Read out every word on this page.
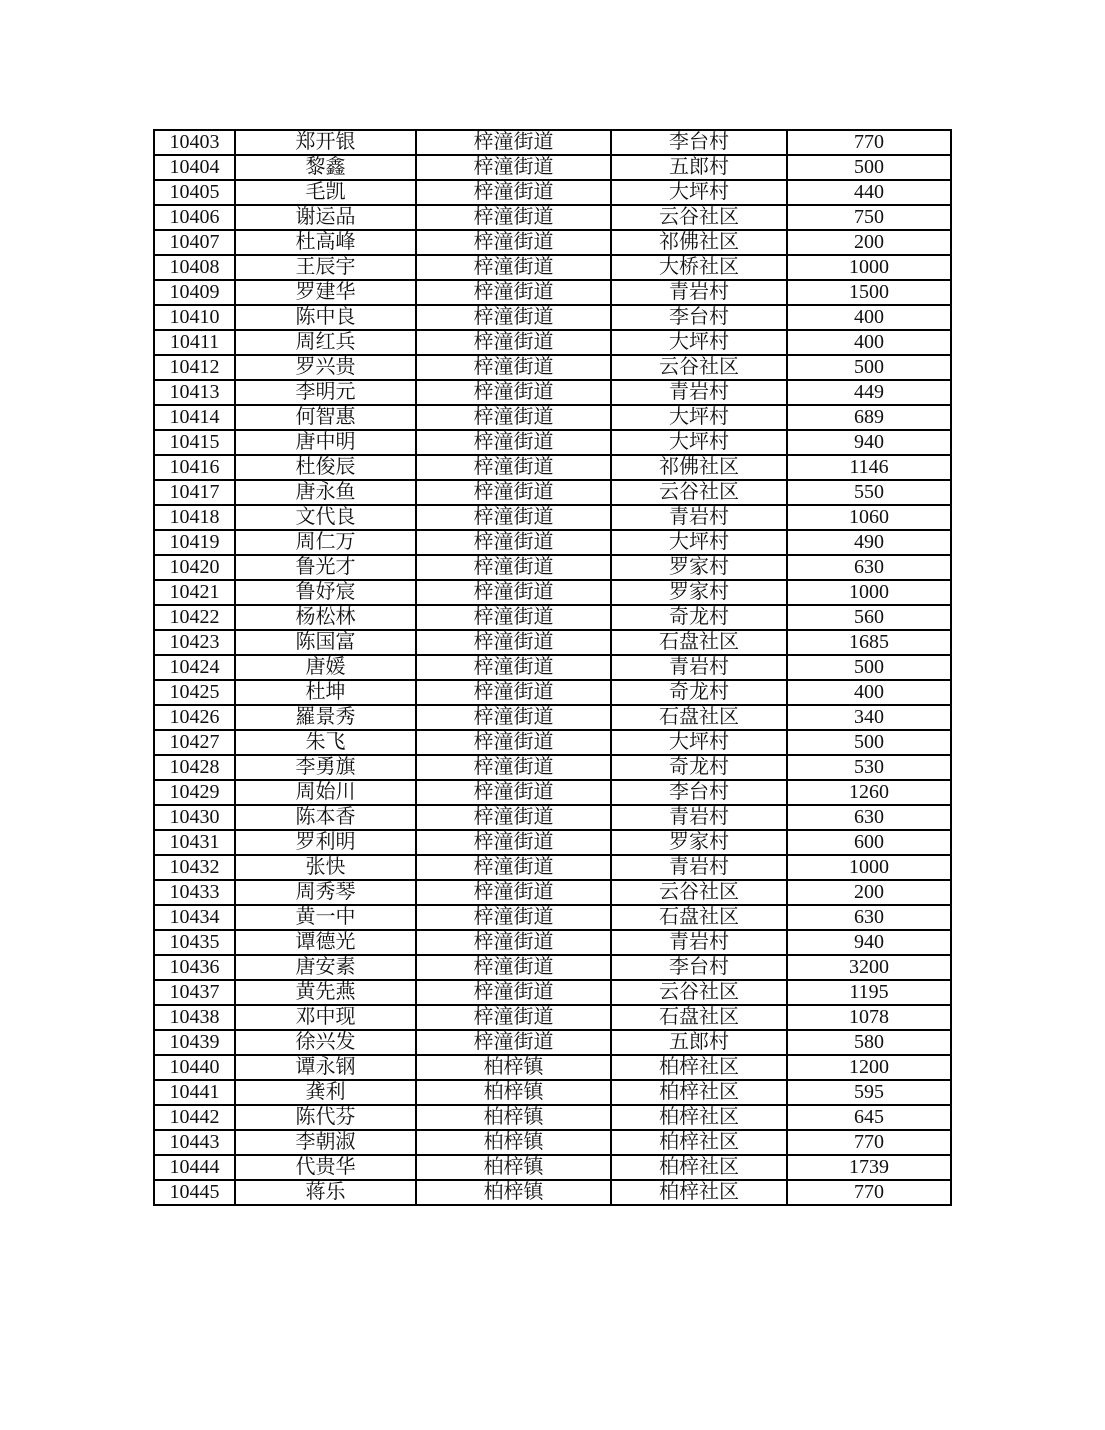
10403	郑开银	梓潼街道	李台村	770
10404	黎鑫	梓潼街道	五郎村	500
10405	毛凯	梓潼街道	大坪村	440
10406	谢运品	梓潼街道	云谷社区	750
10407	杜高峰	梓潼街道	祁佛社区	200
10408	王辰宇	梓潼街道	大桥社区	1000
10409	罗建华	梓潼街道	青岩村	1500
10410	陈中良	梓潼街道	李台村	400
10411	周红兵	梓潼街道	大坪村	400
10412	罗兴贵	梓潼街道	云谷社区	500
10413	李明元	梓潼街道	青岩村	449
10414	何智惠	梓潼街道	大坪村	689
10415	唐中明	梓潼街道	大坪村	940
10416	杜俊辰	梓潼街道	祁佛社区	1146
10417	唐永鱼	梓潼街道	云谷社区	550
10418	文代良	梓潼街道	青岩村	1060
10419	周仁万	梓潼街道	大坪村	490
10420	鲁光才	梓潼街道	罗家村	630
10421	鲁妤宸	梓潼街道	罗家村	1000
10422	杨松林	梓潼街道	奇龙村	560
10423	陈国富	梓潼街道	石盘社区	1685
10424	唐媛	梓潼街道	青岩村	500
10425	杜坤	梓潼街道	奇龙村	400
10426	羅景秀	梓潼街道	石盘社区	340
10427	朱飞	梓潼街道	大坪村	500
10428	李勇旗	梓潼街道	奇龙村	530
10429	周始川	梓潼街道	李台村	1260
10430	陈本香	梓潼街道	青岩村	630
10431	罗利明	梓潼街道	罗家村	600
10432	张快	梓潼街道	青岩村	1000
10433	周秀琴	梓潼街道	云谷社区	200
10434	黄一中	梓潼街道	石盘社区	630
10435	谭德光	梓潼街道	青岩村	940
10436	唐安素	梓潼街道	李台村	3200
10437	黄先燕	梓潼街道	云谷社区	1195
10438	邓中现	梓潼街道	石盘社区	1078
10439	徐兴发	梓潼街道	五郎村	580
10440	谭永钢	柏梓镇	柏梓社区	1200
10441	龚利	柏梓镇	柏梓社区	595
10442	陈代芬	柏梓镇	柏梓社区	645
10443	李朝淑	柏梓镇	柏梓社区	770
10444	代贵华	柏梓镇	柏梓社区	1739
10445	蒋乐	柏梓镇	柏梓社区	770
